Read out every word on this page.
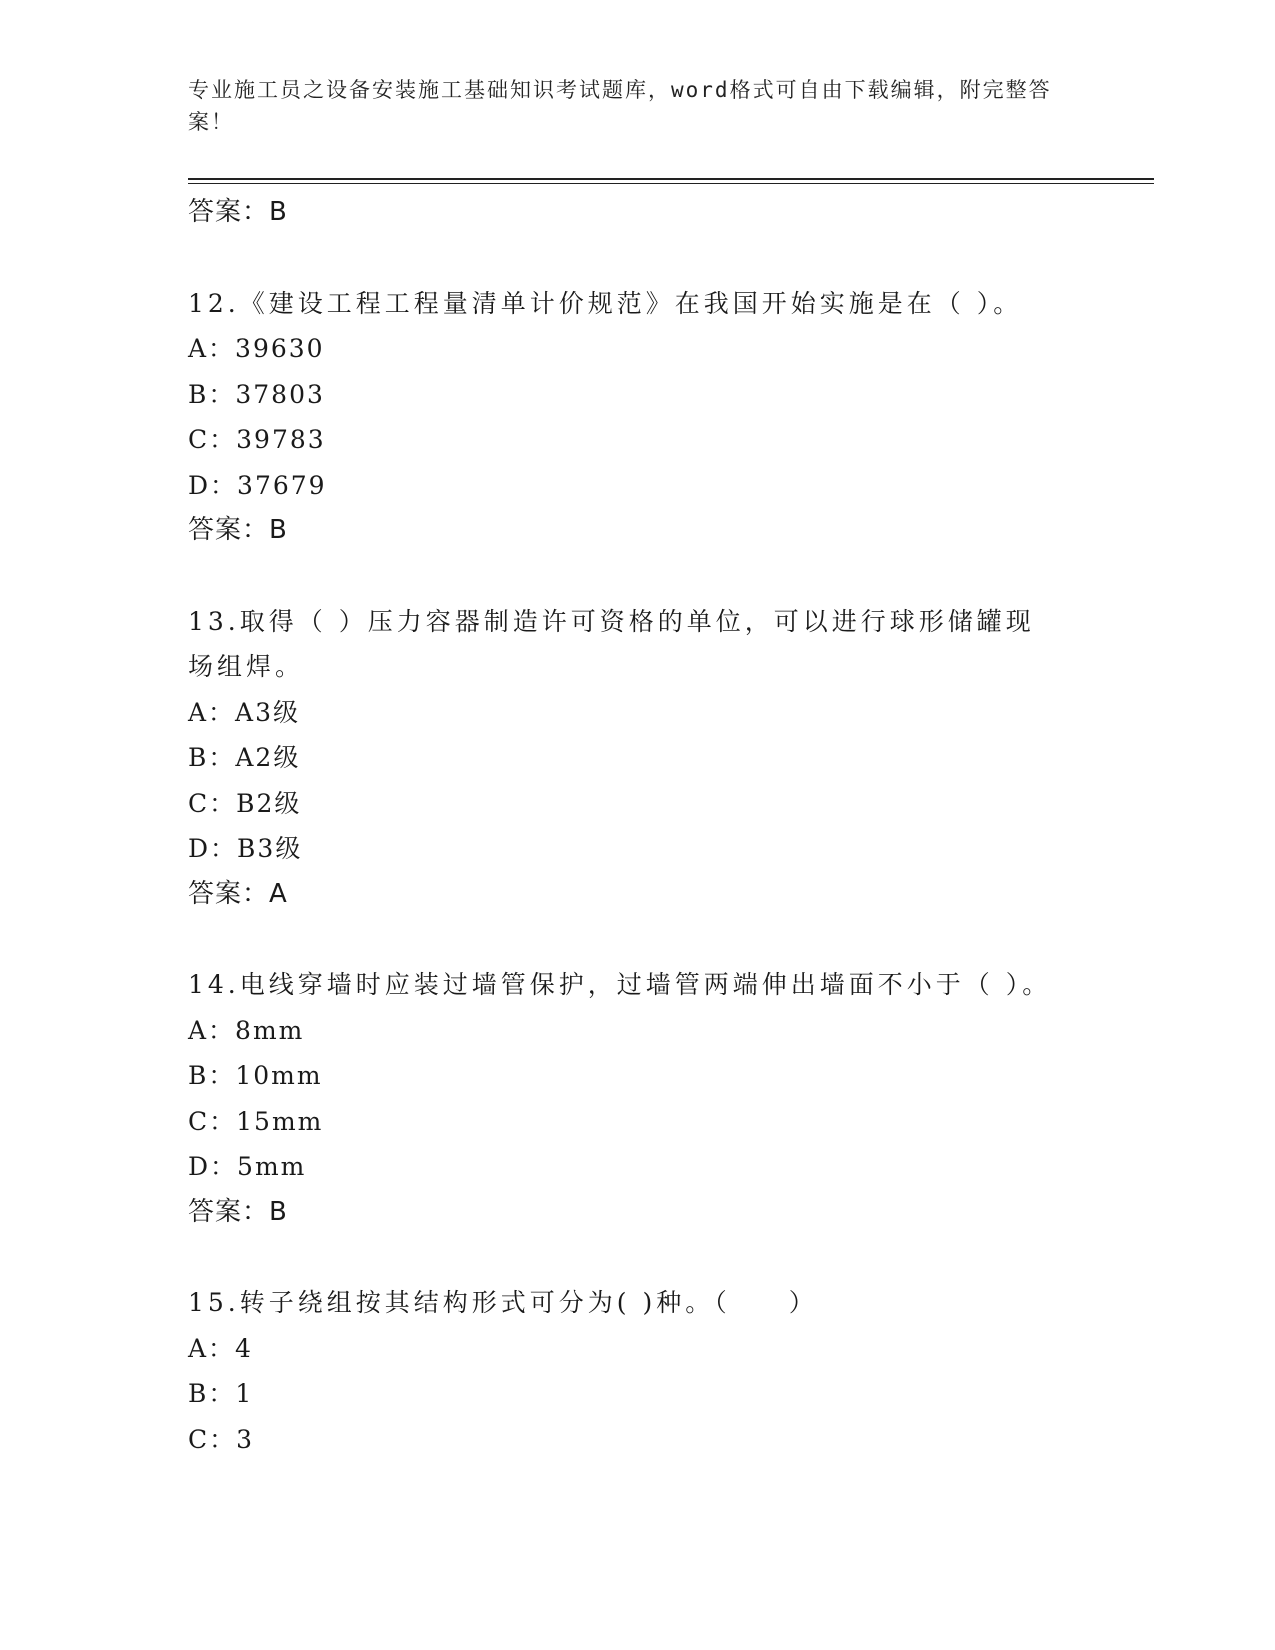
专业施工员之设备安装施工基础知识考试题库，word格式可自由下载编辑，附完整答案！
答案：B
12.《建设工程工程量清单计价规范》在我国开始实施是在（ ）。
A：39630
B：37803
C：39783
D：37679
答案：B
13.取得（ ）压力容器制造许可资格的单位，可以进行球形储罐现场组焊。
A：A3级
B：A2级
C：B2级
D：B3级
答案：A
14.电线穿墙时应装过墙管保护，过墙管两端伸出墙面不小于（ ）。
A：8mm
B：10mm
C：15mm
D：5mm
答案：B
15.转子绕组按其结构形式可分为( )种。（　　）
A：4
B：1
C：3
